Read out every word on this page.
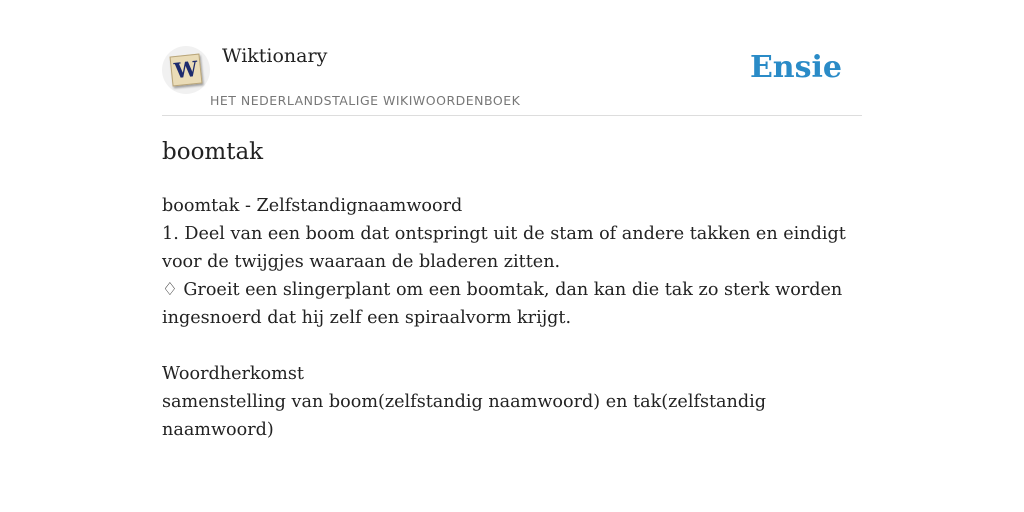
W Wiktionary
HET NEDERLANDSTALIGE WIKIWOORDENBOEK
Ensie
boomtak

boomtak - Zelfstandignaamwoord

1. Deel van een boom dat ontspringt uit de stam of andere takken en eindigt voor de twijgjes waaraan de bladeren zitten.

♢ Groeit een slingerplant om een boomtak, dan kan die tak zo sterk worden ingesnoerd dat hij zelf een spiraalvorm krijgt.

Woordherkomst

samenstelling van boom(zelfstandig naamwoord) en tak(zelfstandig naamwoord)
